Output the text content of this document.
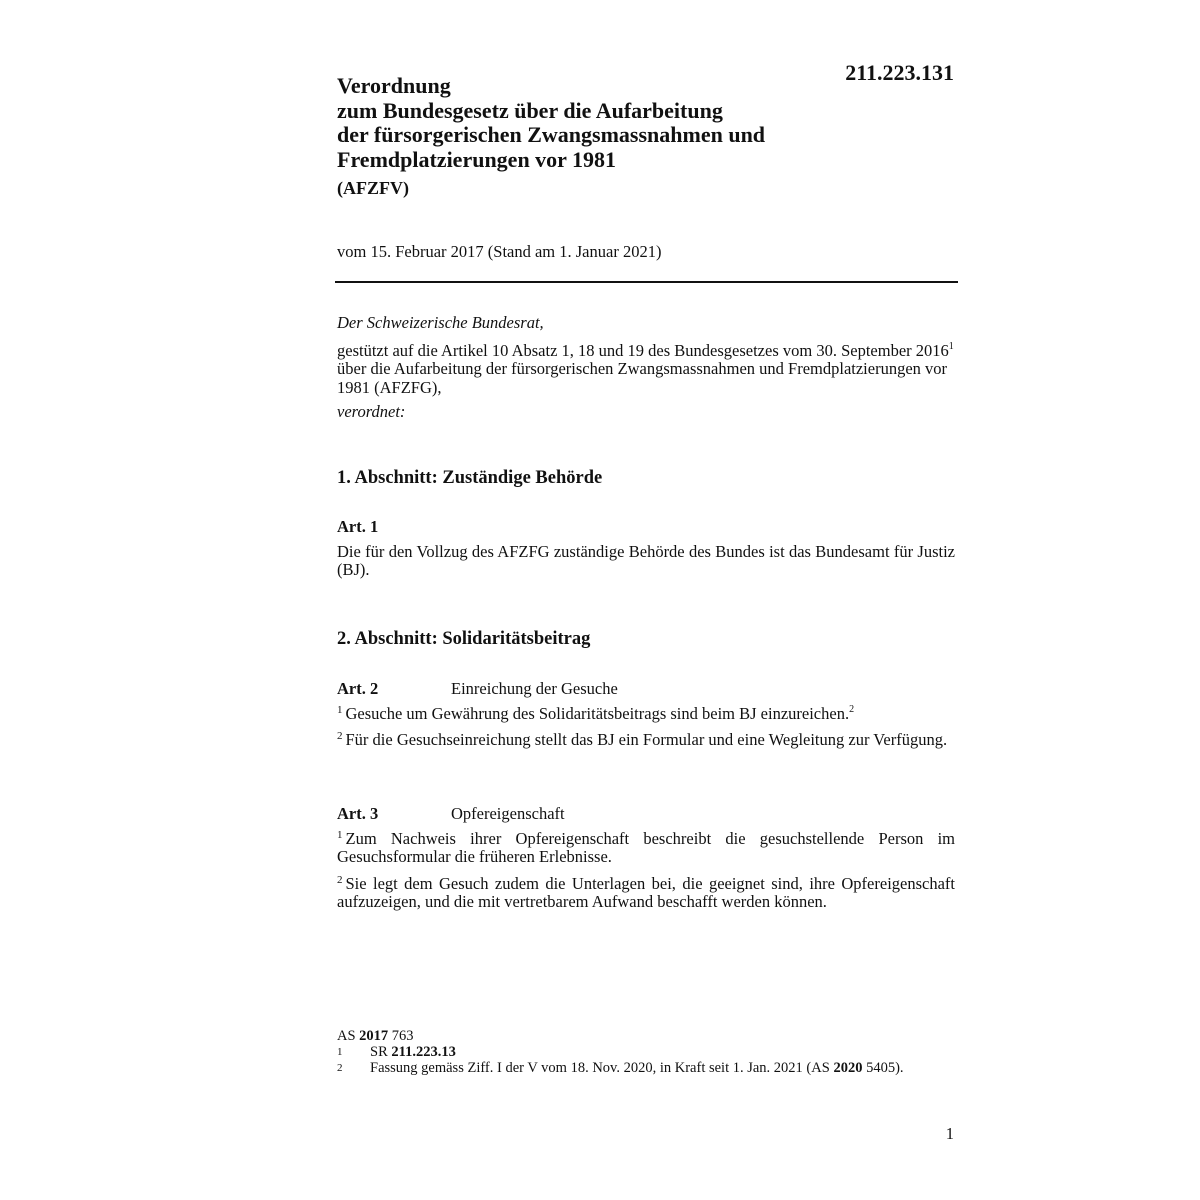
211.223.131
Verordnung
zum Bundesgesetz über die Aufarbeitung
der fürsorgerischen Zwangsmassnahmen und
Fremdplatzierungen vor 1981
(AFZFV)
vom 15. Februar 2017 (Stand am 1. Januar 2021)
Der Schweizerische Bundesrat,

gestützt auf die Artikel 10 Absatz 1, 18 und 19 des Bundesgesetzes vom 30. September 2016$^1$ über die Aufarbeitung der fürsorgerischen Zwangsmassnahmen und Fremdplatzierungen vor 1981 (AFZFG),

verordnet:
1. Abschnitt: Zuständige Behörde
Art. 1

Die für den Vollzug des AFZFG zuständige Behörde des Bundes ist das Bundesamt für Justiz (BJ).

2. Abschnitt: Solidaritätsbeitrag
Art. 2	Einreichung der Gesuche

$^1$ Gesuche um Gewährung des Solidaritätsbeitrags sind beim BJ einzureichen.$^2$

$^2$ Für die Gesuchseinreichung stellt das BJ ein Formular und eine Wegleitung zur Verfügung.

Art. 3	Opfereigenschaft

$^1$ Zum Nachweis ihrer Opfereigenschaft beschreibt die gesuchstellende Person im Gesuchsformular die früheren Erlebnisse.

$^2$ Sie legt dem Gesuch zudem die Unterlagen bei, die geeignet sind, ihre Opfereigenschaft aufzuzeigen, und die mit vertretbarem Aufwand beschafft werden können.

AS 2017 763
1	SR 211.223.13
2	Fassung gemäss Ziff. I der V vom 18. Nov. 2020, in Kraft seit 1. Jan. 2021 (AS 2020 5405).
1
